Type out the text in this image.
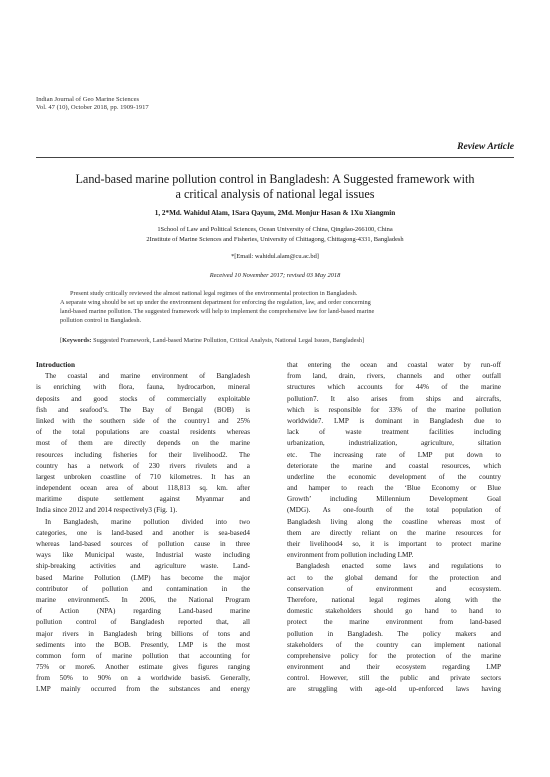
Indian Journal of Geo Marine Sciences
Vol. 47 (10), October 2018, pp. 1909-1917
Review Article
Land-based marine pollution control in Bangladesh: A Suggested framework with
a critical analysis of national legal issues
1, 2*Md. Wahidul Alam, 1Sara Qayum, 2Md. Monjur Hasan & 1Xu Xiangmin
1School of Law and Political Sciences, Ocean University of China, Qingdao-266100, China
2Institute of Marine Sciences and Fisheries, University of Chittagong, Chittagong-4331, Bangladesh
*[Email: wahidul.alam@cu.ac.bd]
Received 10 November 2017; revised 03 May 2018
Present study critically reviewed the almost national legal regimes of the environmental protection in Bangladesh.
A separate wing should be set up under the environment department for enforcing the regulation, law, and order concerning
land-based marine pollution. The suggested framework will help to implement the comprehensive law for land-based marine
pollution control in Bangladesh.
[Keywords: Suggested Framework, Land-based Marine Pollution, Critical Analysis, National Legal Issues, Bangladesh]
Introduction
The coastal and marine environment of Bangladesh
is enriching with flora, fauna, hydrocarbon, mineral
deposits and good stocks of commercially exploitable
fish and seafood’s. The Bay of Bengal (BOB) is
linked with the southern side of the country1 and 25%
of the total populations are coastal residents whereas
most of them are directly depends on the marine
resources including fisheries for their livelihood2. The
country has a network of 230 rivers rivulets and a
largest unbroken coastline of 710 kilometres. It has an
independent ocean area of about 118,813 sq. km. after
maritime dispute settlement against Myanmar and
India since 2012 and 2014 respectively3 (Fig. 1).
In Bangladesh, marine pollution divided into two
categories, one is land-based and another is sea-based4
whereas land-based sources of pollution cause in three
ways like Municipal waste, Industrial waste including
ship-breaking activities and agriculture waste. Land-
based Marine Pollution (LMP) has become the major
contributor of pollution and contamination in the
marine environment5. In 2006, the National Program
of Action (NPA) regarding Land-based marine
pollution control of Bangladesh reported that, all
major rivers in Bangladesh bring billions of tons and
sediments into the BOB. Presently, LMP is the most
common form of marine pollution that accounting for
75% or more6. Another estimate gives figures ranging
from 50% to 90% on a worldwide basis6. Generally,
LMP mainly occurred from the substances and energy
that entering the ocean and coastal water by run-off
from land, drain, rivers, channels and other outfall
structures which accounts for 44% of the marine
pollution7. It also arises from ships and aircrafts,
which is responsible for 33% of the marine pollution
worldwide7. LMP is dominant in Bangladesh due to
lack of waste treatment facilities including
urbanization, industrialization, agriculture, siltation
etc. The increasing rate of LMP put down to
deteriorate the marine and coastal resources, which
underline the economic development of the country
and hamper to reach the ‘Blue Economy or Blue
Growth’ including Millennium Development Goal
(MDG). As one-fourth of the total population of
Bangladesh living along the coastline whereas most of
them are directly reliant on the marine resources for
their livelihood4 so, it is important to protect marine
environment from pollution including LMP.
Bangladesh enacted some laws and regulations to
act to the global demand for the protection and
conservation of environment and ecosystem.
Therefore, national legal regimes along with the
domestic stakeholders should go hand to hand to
protect the marine environment from land-based
pollution in Bangladesh. The policy makers and
stakeholders of the country can implement national
comprehensive policy for the protection of the marine
environment and their ecosystem regarding LMP
control. However, still the public and private sectors
are struggling with age-old up-enforced laws having
